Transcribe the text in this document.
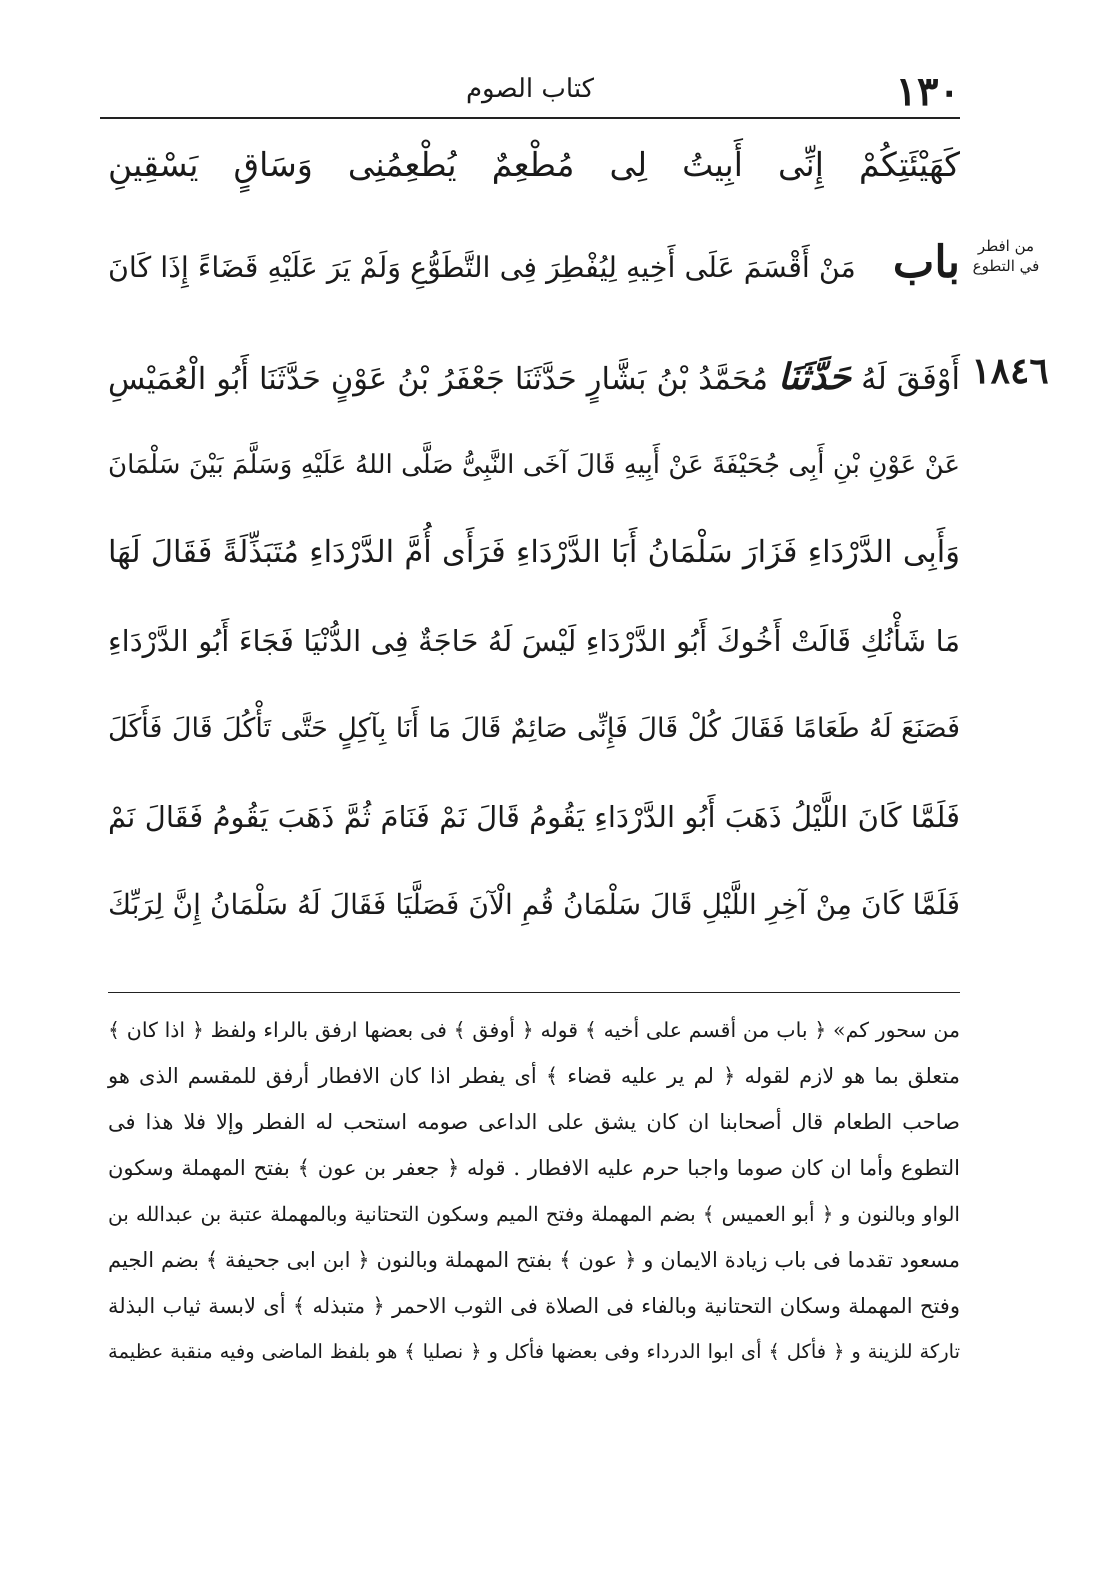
١٣٠
كتاب الصوم
من افطر في التطوع
١٨٤٦
كَهَيْئَتِكُمْ إِنِّى أَبِيتُ لِى مُطْعِمٌ يُطْعِمُنِى وَسَاقٍ يَسْقِينِ
باب مَنْ أَقْسَمَ عَلَى أَخِيهِ لِيُفْطِرَ فِى التَّطَوُّعِ وَلَمْ يَرَ عَلَيْهِ قَضَاءً إِذَا كَانَ
أَوْفَقَ لَهُ حَدَّثَنَا مُحَمَّدُ بْنُ بَشَّارٍ حَدَّثَنَا جَعْفَرُ بْنُ عَوْنٍ حَدَّثَنَا أَبُو الْعُمَيْسِ
عَنْ عَوْنِ بْنِ أَبِى جُحَيْفَةَ عَنْ أَبِيهِ قَالَ آخَى النَّبِىُّ صَلَّى اللهُ عَلَيْهِ وَسَلَّمَ بَيْنَ سَلْمَانَ
وَأَبِى الدَّرْدَاءِ فَزَارَ سَلْمَانُ أَبَا الدَّرْدَاءِ فَرَأَى أُمَّ الدَّرْدَاءِ مُتَبَذِّلَةً فَقَالَ لَهَا
مَا شَأْنُكِ قَالَتْ أَخُوكَ أَبُو الدَّرْدَاءِ لَيْسَ لَهُ حَاجَةٌ فِى الدُّنْيَا فَجَاءَ أَبُو الدَّرْدَاءِ
فَصَنَعَ لَهُ طَعَامًا فَقَالَ كُلْ قَالَ فَإِنِّى صَائِمٌ قَالَ مَا أَنَا بِآكِلٍ حَتَّى تَأْكُلَ قَالَ فَأَكَلَ
فَلَمَّا كَانَ اللَّيْلُ ذَهَبَ أَبُو الدَّرْدَاءِ يَقُومُ قَالَ نَمْ فَنَامَ ثُمَّ ذَهَبَ يَقُومُ فَقَالَ نَمْ
فَلَمَّا كَانَ مِنْ آخِرِ اللَّيْلِ قَالَ سَلْمَانُ قُمِ الْآنَ فَصَلَّيَا فَقَالَ لَهُ سَلْمَانُ إِنَّ لِرَبِّكَ
من سحور كم» ﴿ باب من أقسم على أخيه ﴾ قوله ﴿ أوفق ﴾ فى بعضها ارفق بالراء ولفظ ﴿ اذا كان ﴾
متعلق بما هو لازم لقوله ﴿ لم ير عليه قضاء ﴾ أى يفطر اذا كان الافطار أرفق للمقسم الذى هو
صاحب الطعام قال أصحابنا ان كان يشق على الداعى صومه استحب له الفطر وإلا فلا هذا فى
التطوع وأما ان كان صوما واجبا حرم عليه الافطار . قوله ﴿ جعفر بن عون ﴾ بفتح المهملة وسكون
الواو وبالنون و ﴿ أبو العميس ﴾ بضم المهملة وفتح الميم وسكون التحتانية وبالمهملة عتبة بن عبدالله بن
مسعود تقدما فى باب زيادة الايمان و ﴿ عون ﴾ بفتح المهملة وبالنون ﴿ ابن ابى جحيفة ﴾ بضم الجيم
وفتح المهملة وسكان التحتانية وبالفاء فى الصلاة فى الثوب الاحمر ﴿ متبذله ﴾ أى لابسة ثياب البذلة
تاركة للزينة و ﴿ فأكل ﴾ أى ابوا الدرداء وفى بعضها فأكل و ﴿ نصليا ﴾ هو بلفظ الماضى وفيه منقبة عظيمة
